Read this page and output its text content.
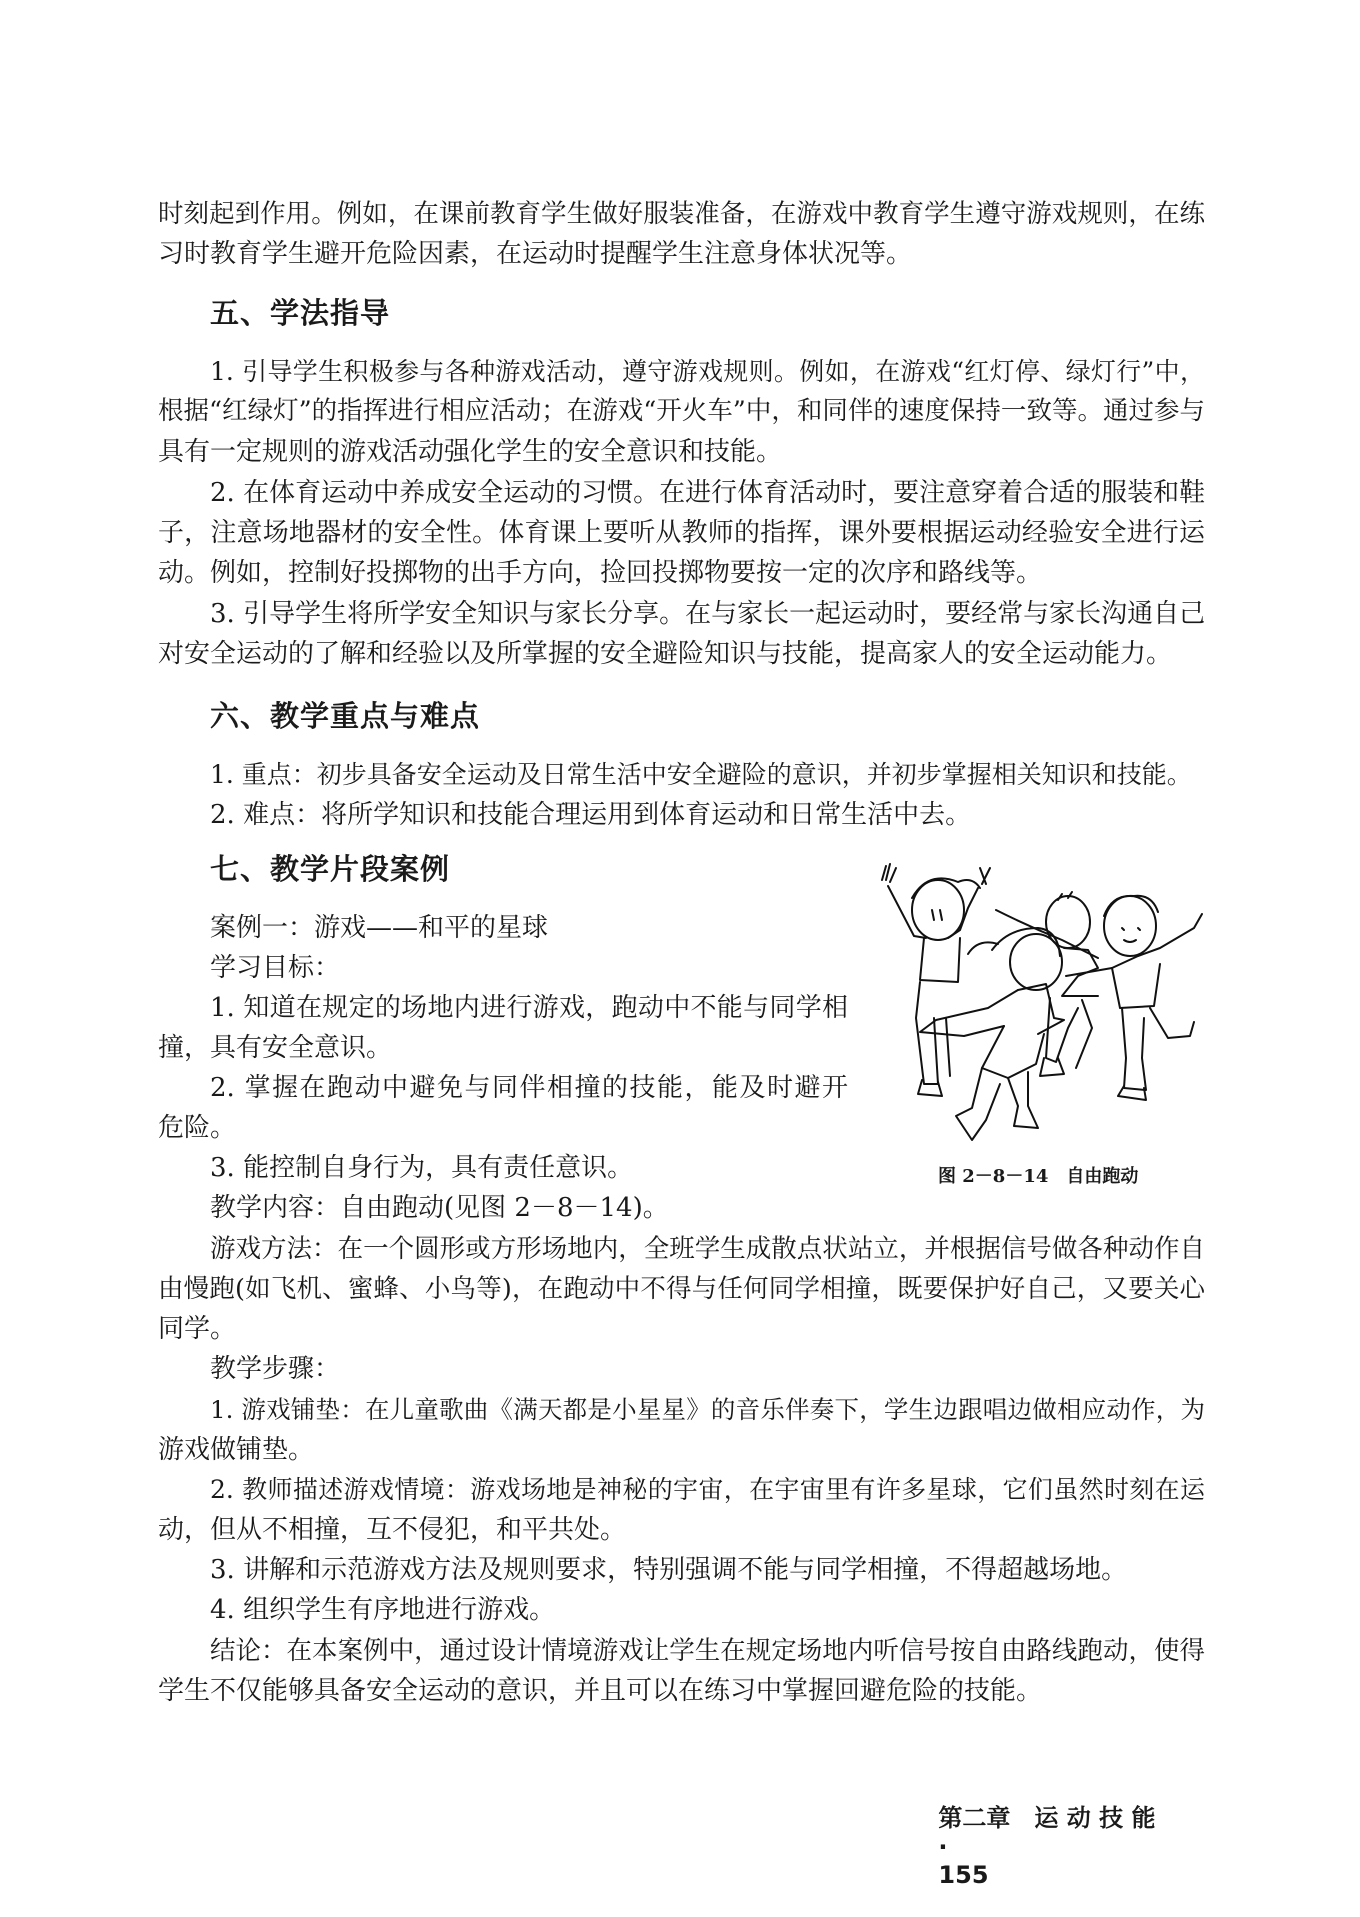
时刻起到作用。例如，在课前教育学生做好服装准备，在游戏中教育学生遵守游戏规则，在练
习时教育学生避开危险因素，在运动时提醒学生注意身体状况等。
五、学法指导
1. 引导学生积极参与各种游戏活动，遵守游戏规则。例如，在游戏“红灯停、绿灯行”中，
根据“红绿灯”的指挥进行相应活动；在游戏“开火车”中，和同伴的速度保持一致等。通过参与
具有一定规则的游戏活动强化学生的安全意识和技能。
2. 在体育运动中养成安全运动的习惯。在进行体育活动时，要注意穿着合适的服装和鞋
子，注意场地器材的安全性。体育课上要听从教师的指挥，课外要根据运动经验安全进行运
动。例如，控制好投掷物的出手方向，捡回投掷物要按一定的次序和路线等。
3. 引导学生将所学安全知识与家长分享。在与家长一起运动时，要经常与家长沟通自己
对安全运动的了解和经验以及所掌握的安全避险知识与技能，提高家人的安全运动能力。
六、教学重点与难点
1. 重点：初步具备安全运动及日常生活中安全避险的意识，并初步掌握相关知识和技能。
2. 难点：将所学知识和技能合理运用到体育运动和日常生活中去。
七、教学片段案例
案例一：游戏——和平的星球
学习目标：
1. 知道在规定的场地内进行游戏，跑动中不能与同学相
撞，具有安全意识。
2. 掌握在跑动中避免与同伴相撞的技能，能及时避开
危险。
3. 能控制自身行为，具有责任意识。
教学内容：自由跑动(见图 2－8－14)。
游戏方法：在一个圆形或方形场地内，全班学生成散点状站立，并根据信号做各种动作自
由慢跑(如飞机、蜜蜂、小鸟等)，在跑动中不得与任何同学相撞，既要保护好自己，又要关心
同学。
教学步骤：
1. 游戏铺垫：在儿童歌曲《满天都是小星星》的音乐伴奏下，学生边跟唱边做相应动作，为
游戏做铺垫。
2. 教师描述游戏情境：游戏场地是神秘的宇宙，在宇宙里有许多星球，它们虽然时刻在运
动，但从不相撞，互不侵犯，和平共处。
3. 讲解和示范游戏方法及规则要求，特别强调不能与同学相撞，不得超越场地。
4. 组织学生有序地进行游戏。
结论：在本案例中，通过设计情境游戏让学生在规定场地内听信号按自由路线跑动，使得
学生不仅能够具备安全运动的意识，并且可以在练习中掌握回避危险的技能。
图 2－8－14　自由跑动

第二章　运 动 技 能
·
155
